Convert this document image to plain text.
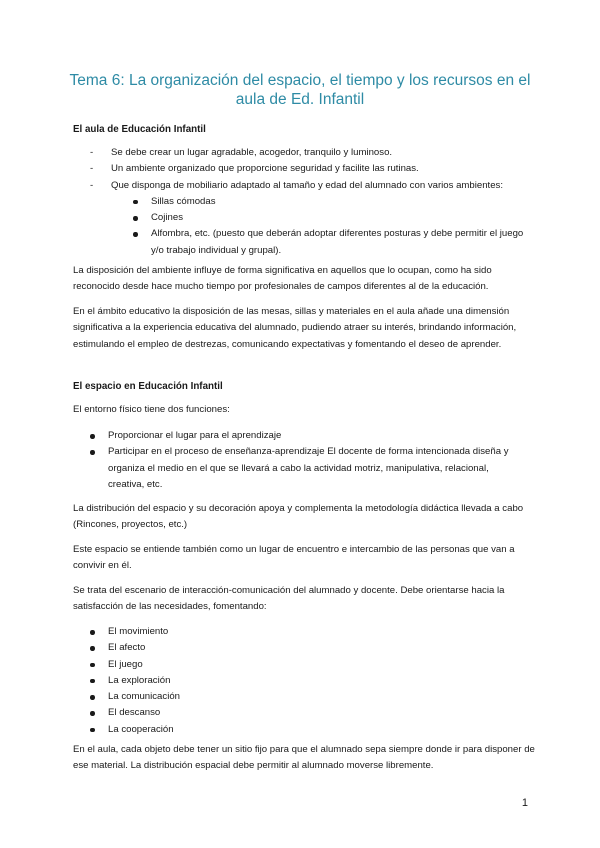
Tema 6: La organización del espacio, el tiempo y los recursos en el aula de Ed. Infantil
El aula de Educación Infantil
- Se debe crear un lugar agradable, acogedor, tranquilo y luminoso.
- Un ambiente organizado que proporcione seguridad y facilite las rutinas.
- Que disponga de mobiliario adaptado al tamaño y edad del alumnado con varios ambientes:
Sillas cómodas
Cojines
Alfombra, etc. (puesto que deberán adoptar diferentes posturas y debe permitir el juego y/o trabajo individual y grupal).

La disposición del ambiente influye de forma significativa en aquellos que lo ocupan, como ha sido reconocido desde hace mucho tiempo por profesionales de campos diferentes al de la educación.

En el ámbito educativo la disposición de las mesas, sillas y materiales en el aula añade una dimensión significativa a la experiencia educativa del alumnado, pudiendo atraer su interés, brindando información, estimulando el empleo de destrezas, comunicando expectativas y fomentando el deseo de aprender.

El espacio en Educación Infantil

El entorno físico tiene dos funciones:

Proporcionar el lugar para el aprendizaje
Participar en el proceso de enseñanza-aprendizaje El docente de forma intencionada diseña y organiza el medio en el que se llevará a cabo la actividad motriz, manipulativa, relacional, creativa, etc.

La distribución del espacio y su decoración apoya y complementa la metodología didáctica llevada a cabo (Rincones, proyectos, etc.)

Este espacio se entiende también como un lugar de encuentro e intercambio de las personas que van a convivir en él.

Se trata del escenario de interacción-comunicación del alumnado y docente. Debe orientarse hacia la satisfacción de las necesidades, fomentando:

El movimiento
El afecto
El juego
La exploración
La comunicación
El descanso
La cooperación

En el aula, cada objeto debe tener un sitio fijo para que el alumnado sepa siempre donde ir para disponer de ese material. La distribución espacial debe permitir al alumnado moverse libremente.

1
